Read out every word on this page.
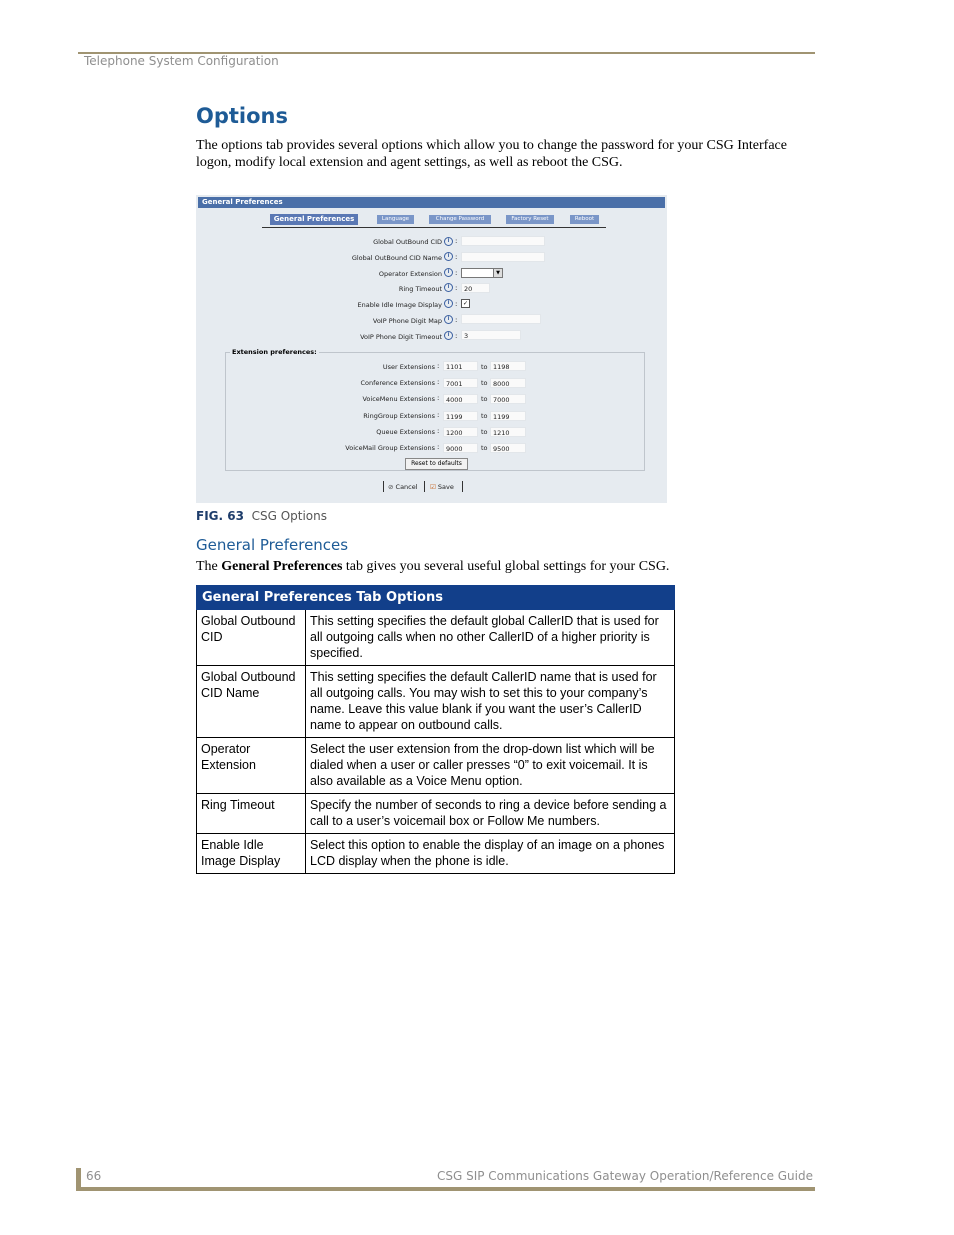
Telephone System Configuration
Options
The options tab provides several options which allow you to change the password for your CSG Interface logon, modify local extension and agent settings, as well as reboot the CSG.
General Preferences
General Preferences	Language	Change Password	Factory Reset	Reboot
Global OutBound CID	i :
Global OutBound CID Name	i :
Operator Extension	i :	▼
Ring Timeout	i :	20
Enable Idle Image Display	i : ✓
VoIP Phone Digit Map	i :
VoIP Phone Digit Timeout	i :	3
Extension preferences:
User Extensions :	1101	to 1198
Conference Extensions :	7001	to 8000
VoiceMenu Extensions :	4000	to 7000
RingGroup Extensions :	1199	to 1199
Queue Extensions :	1200	to 1210
VoiceMail Group Extensions :	9000	to 9500
Reset to defaults
⊘ Cancel ☑ Save
FIG. 63 CSG Options
General Preferences
The General Preferences tab gives you several useful global settings for your CSG.
General Preferences Tab Options	
Global Outbound CID	This setting specifies the default global CallerID that is used for all outgoing calls when no other CallerID of a higher priority is specified.
Global Outbound CID Name	This setting specifies the default CallerID name that is used for all outgoing calls. You may wish to set this to your company’s name. Leave this value blank if you want the user’s CallerID name to appear on outbound calls.
Operator Extension	Select the user extension from the drop-down list which will be dialed when a user or caller presses “0” to exit voicemail. It is also available as a Voice Menu option.
Ring Timeout	Specify the number of seconds to ring a device before sending a call to a user’s voicemail box or Follow Me numbers.
Enable Idle Image Display	Select this option to enable the display of an image on a phones LCD display when the phone is idle.
66	CSG SIP Communications Gateway Operation/Reference Guide
